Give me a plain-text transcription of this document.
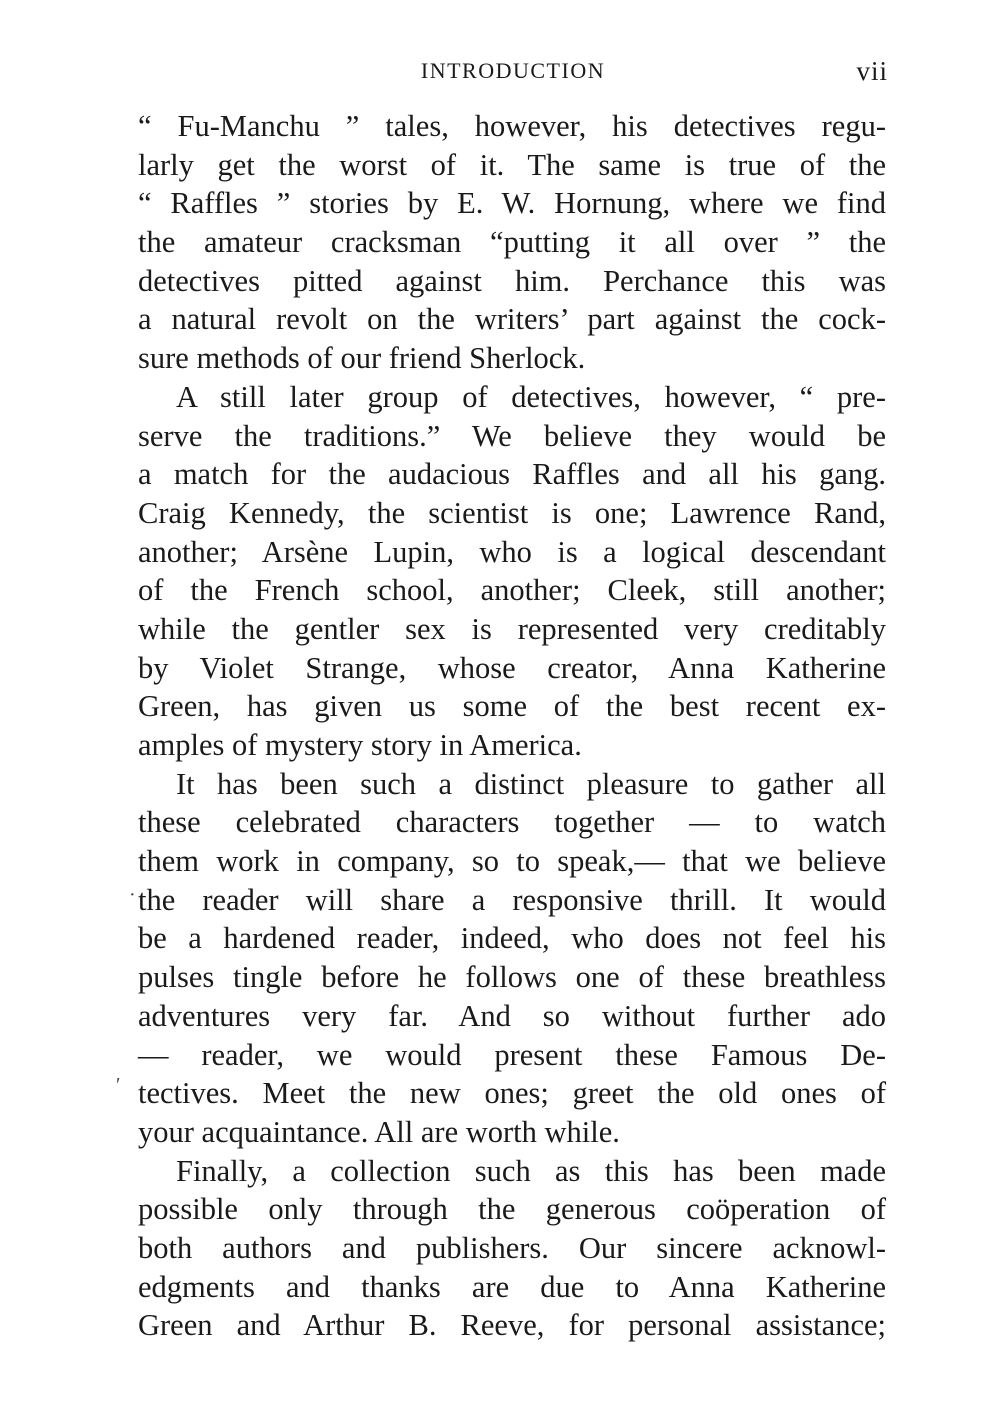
INTRODUCTION	vii
“ Fu-Manchu ” tales, however, his detectives regu-
larly get the worst of it. The same is true of the
“ Raffles ” stories by E. W. Hornung, where we find
the amateur cracksman “putting it all over ” the
detectives pitted against him. Perchance this was
a natural revolt on the writers’ part against the cock-
sure methods of our friend Sherlock.
A still later group of detectives, however, “ pre-
serve the traditions.” We believe they would be
a match for the audacious Raffles and all his gang.
Craig Kennedy, the scientist is one; Lawrence Rand,
another; Arsène Lupin, who is a logical descendant
of the French school, another; Cleek, still another;
while the gentler sex is represented very creditably
by Violet Strange, whose creator, Anna Katherine
Green, has given us some of the best recent ex-
amples of mystery story in America.
It has been such a distinct pleasure to gather all
these celebrated characters together — to watch
them work in company, so to speak,— that we believe
the reader will share a responsive thrill. It would
be a hardened reader, indeed, who does not feel his
pulses tingle before he follows one of these breathless
adventures very far. And so without further ado
— reader, we would present these Famous De-
tectives. Meet the new ones; greet the old ones of
your acquaintance. All are worth while.
Finally, a collection such as this has been made
possible only through the generous coöperation of
both authors and publishers. Our sincere acknowl-
edgments and thanks are due to Anna Katherine
Green and Arthur B. Reeve, for personal assistance;
·
′
